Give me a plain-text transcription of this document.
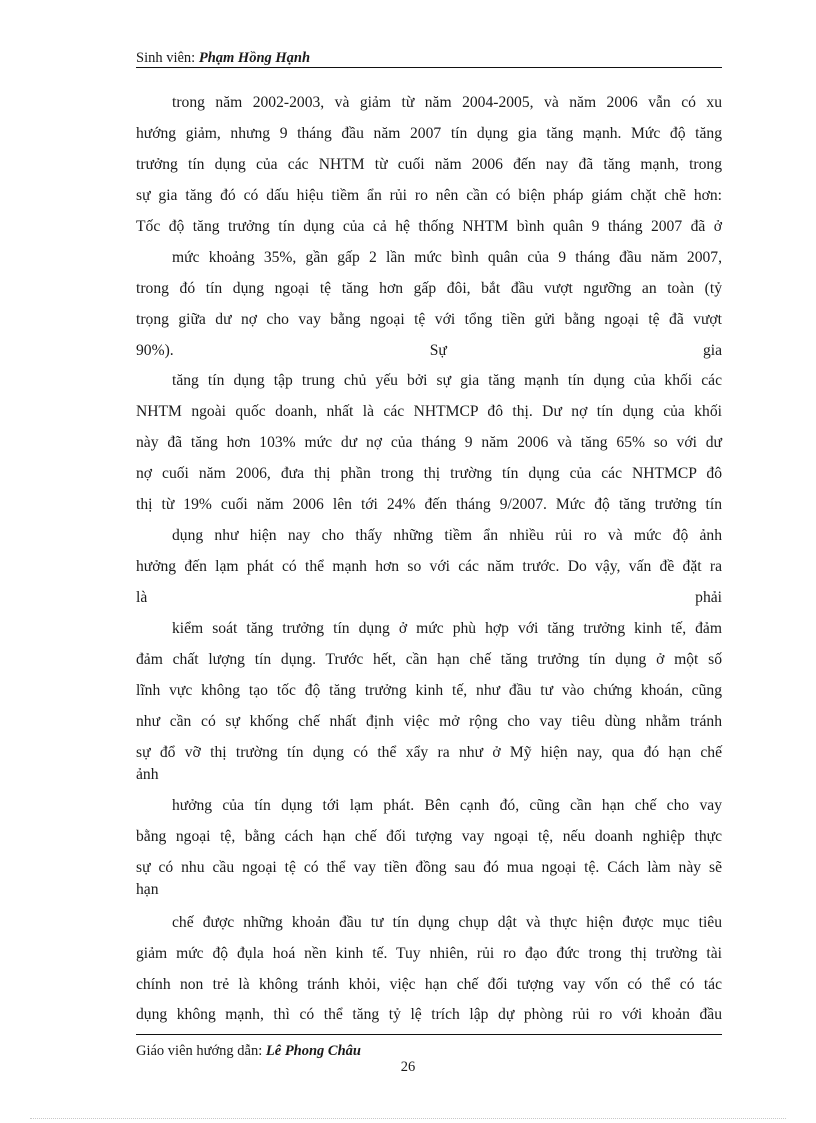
Sinh viên: Phạm Hồng Hạnh
trong năm 2002-2003, và giảm từ năm 2004-2005, và năm 2006 vẫn có xu
hướng giảm, nhưng 9 tháng đầu năm 2007 tín dụng gia tăng mạnh. Mức độ tăng
trưởng tín dụng của các NHTM từ cuối năm 2006 đến nay đã tăng mạnh, trong
sự gia tăng đó có dấu hiệu tiềm ẩn rủi ro nên cần có biện pháp giám chặt chẽ hơn:
Tốc độ tăng trưởng tín dụng của cả hệ thống NHTM bình quân 9 tháng 2007 đã ở
mức khoảng 35%, gần gấp 2 lần mức bình quân của 9 tháng đầu năm 2007,
trong đó tín dụng ngoại tệ tăng hơn gấp đôi, bắt đầu vượt ngưỡng an toàn (tỷ
trọng giữa dư nợ cho vay bằng ngoại tệ với tổng tiền gửi bằng ngoại tệ đã vượt
90%). Sự gia
tăng tín dụng tập trung chủ yếu bởi sự gia tăng mạnh tín dụng của khối các
NHTM ngoài quốc doanh, nhất là các NHTMCP đô thị. Dư nợ tín dụng của khối
này đã tăng hơn 103% mức dư nợ của tháng 9 năm 2006 và tăng 65% so với dư
nợ cuối năm 2006, đưa thị phần trong thị trường tín dụng của các NHTMCP đô
thị từ 19% cuối năm 2006 lên tới 24% đến tháng 9/2007. Mức độ tăng trưởng tín
dụng như hiện nay cho thấy những tiềm ẩn nhiều rủi ro và mức độ ảnh
hưởng đến lạm phát có thể mạnh hơn so với các năm trước. Do vậy, vấn đề đặt ra
là phải
kiểm soát tăng trưởng tín dụng ở mức phù hợp với tăng trưởng kinh tế, đảm
đảm chất lượng tín dụng. Trước hết, cần hạn chế tăng trưởng tín dụng ở một số
lĩnh vực không tạo tốc độ tăng trưởng kinh tế, như đầu tư vào chứng khoán, cũng
như cần có sự khống chế nhất định việc mở rộng cho vay tiêu dùng nhằm tránh
sự đổ vỡ thị trường tín dụng có thể xẩy ra như ở Mỹ hiện nay, qua đó hạn chế
ảnh
hưởng của tín dụng tới lạm phát. Bên cạnh đó, cũng cần hạn chế cho vay
bằng ngoại tệ, bằng cách hạn chế đối tượng vay ngoại tệ, nếu doanh nghiệp thực
sự có nhu cầu ngoại tệ có thể vay tiền đồng sau đó mua ngoại tệ. Cách làm này sẽ
hạn
chế được những khoản đầu tư tín dụng chụp dật và thực hiện được mục tiêu
giảm mức độ đụla hoá nền kinh tế. Tuy nhiên, rủi ro đạo đức trong thị trường tài
chính non trẻ là không tránh khỏi, việc hạn chế đối tượng vay vốn có thể có tác
dụng không mạnh, thì có thể tăng tỷ lệ trích lập dự phòng rủi ro với khoản đầu
Giáo viên hướng dẫn: Lê Phong Châu
26
